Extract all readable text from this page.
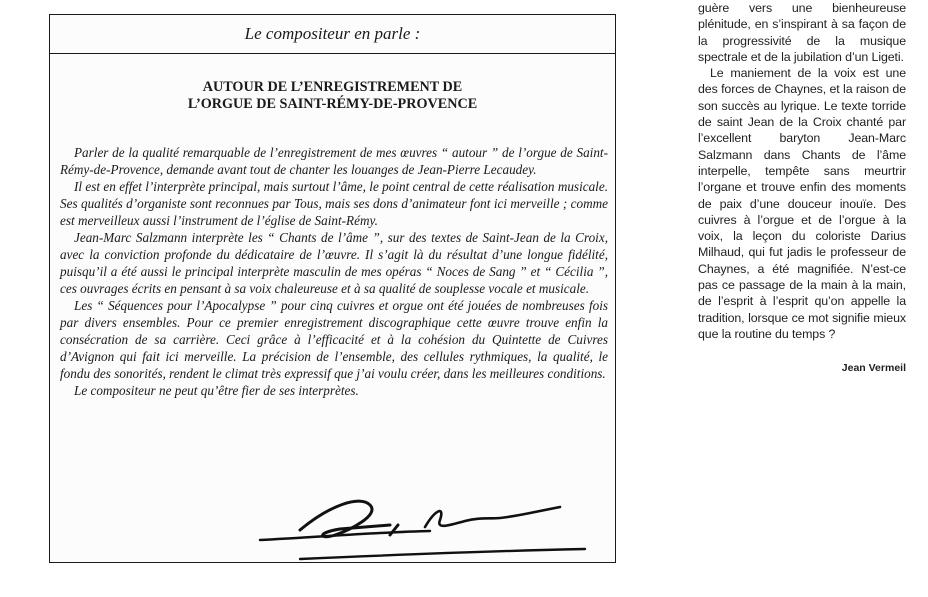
Le compositeur en parle :
AUTOUR DE L’ENREGISTREMENT DE
L’ORGUE DE SAINT-RÉMY-DE-PROVENCE

Parler de la qualité remarquable de l’enregistrement de mes œuvres “ autour ” de l’orgue de Saint-Rémy-de-Provence, demande avant tout de chanter les louanges de Jean-Pierre Lecaudey.

Il est en effet l’interprète principal, mais surtout l’âme, le point central de cette réalisation musicale. Ses qualités d’organiste sont reconnues par Tous, mais ses dons d’animateur font ici merveille ; comme est merveilleux aussi l’instrument de l’église de Saint-Rémy.

Jean-Marc Salzmann interprète les “ Chants de l’âme ”, sur des textes de Saint-Jean de la Croix, avec la conviction profonde du dédicataire de l’œuvre. Il s’agit là du résultat d’une longue fidélité, puisqu’il a été aussi le principal interprète masculin de mes opéras “ Noces de Sang ” et “ Cécilia ”, ces ouvrages écrits en pensant à sa voix chaleureuse et à sa qualité de souplesse vocale et musicale.

Les “ Séquences pour l’Apocalypse ” pour cinq cuivres et orgue ont été jouées de nombreuses fois par divers ensembles. Pour ce premier enregistrement discographique cette œuvre trouve enfin la consécration de sa carrière. Ceci grâce à l’efficacité et à la cohésion du Quintette de Cuivres d’Avignon qui fait ici merveille. La précision de l’ensemble, des cellules rythmiques, la qualité, le fondu des sonorités, rendent le climat très expressif que j’ai voulu créer, dans les meilleures conditions.

Le compositeur ne peut qu’être fier de ses interprètes.

guère vers une bienheureuse plénitude, en s’inspirant à sa façon de la progressivité de la musique spectrale et de la jubilation d’un Ligeti.

Le maniement de la voix est une des forces de Chaynes, et la raison de son succès au lyrique. Le texte torride de saint Jean de la Croix chanté par l’excellent baryton Jean-Marc Salzmann dans Chants de l’âme interpelle, tempête sans meurtrir l’organe et trouve enfin des moments de paix d’une douceur inouïe. Des cuivres à l’orgue et de l’orgue à la voix, la leçon du coloriste Darius Milhaud, qui fut jadis le professeur de Chaynes, a été magnifiée. N’est-ce pas ce passage de la main à la main, de l’esprit à l’esprit qu’on appelle la tradition, lorsque ce mot signifie mieux que la routine du temps ?

Jean Vermeil
